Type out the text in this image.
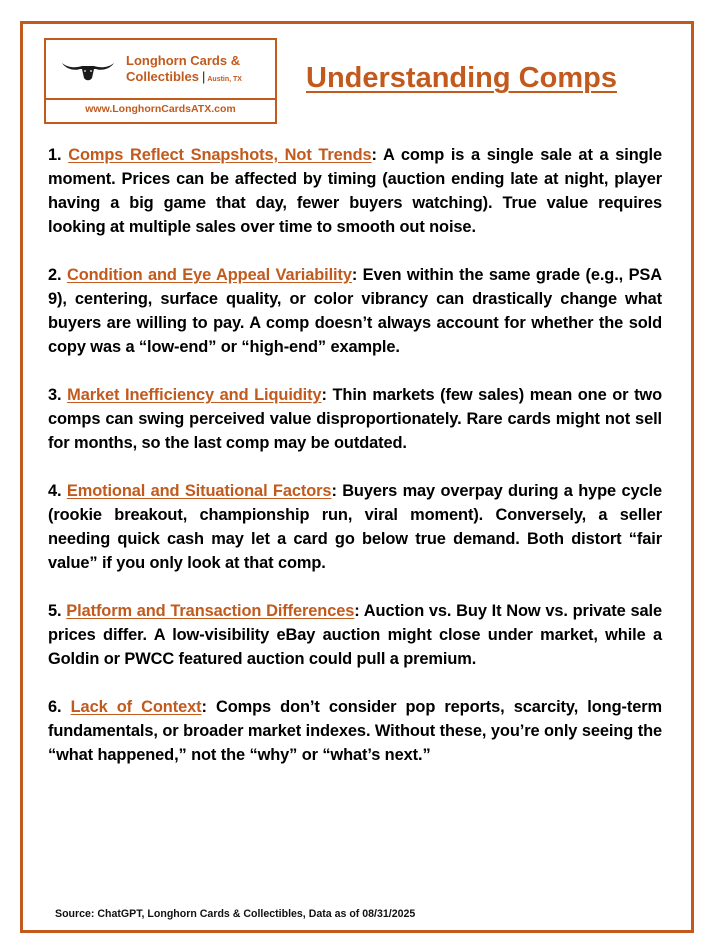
Longhorn Cards &
Collectibles | Austin, TX
www.LonghornCardsATX.com
Understanding Comps

1. Comps Reflect Snapshots, Not Trends: A comp is a single sale at a single moment. Prices can be affected by timing (auction ending late at night, player having a big game that day, fewer buyers watching). True value requires looking at multiple sales over time to smooth out noise.

2. Condition and Eye Appeal Variability: Even within the same grade (e.g., PSA 9), centering, surface quality, or color vibrancy can drastically change what buyers are willing to pay. A comp doesn’t always account for whether the sold copy was a “low-end” or “high-end” example.

3. Market Inefficiency and Liquidity: Thin markets (few sales) mean one or two comps can swing perceived value disproportionately. Rare cards might not sell for months, so the last comp may be outdated.

4. Emotional and Situational Factors: Buyers may overpay during a hype cycle (rookie breakout, championship run, viral moment). Conversely, a seller needing quick cash may let a card go below true demand. Both distort “fair value” if you only look at that comp.

5. Platform and Transaction Differences: Auction vs. Buy It Now vs. private sale prices differ. A low-visibility eBay auction might close under market, while a Goldin or PWCC featured auction could pull a premium.

6. Lack of Context: Comps don’t consider pop reports, scarcity, long-term fundamentals, or broader market indexes. Without these, you’re only seeing the “what happened,” not the “why” or “what’s next.”

Source: ChatGPT, Longhorn Cards & Collectibles, Data as of 08/31/2025
